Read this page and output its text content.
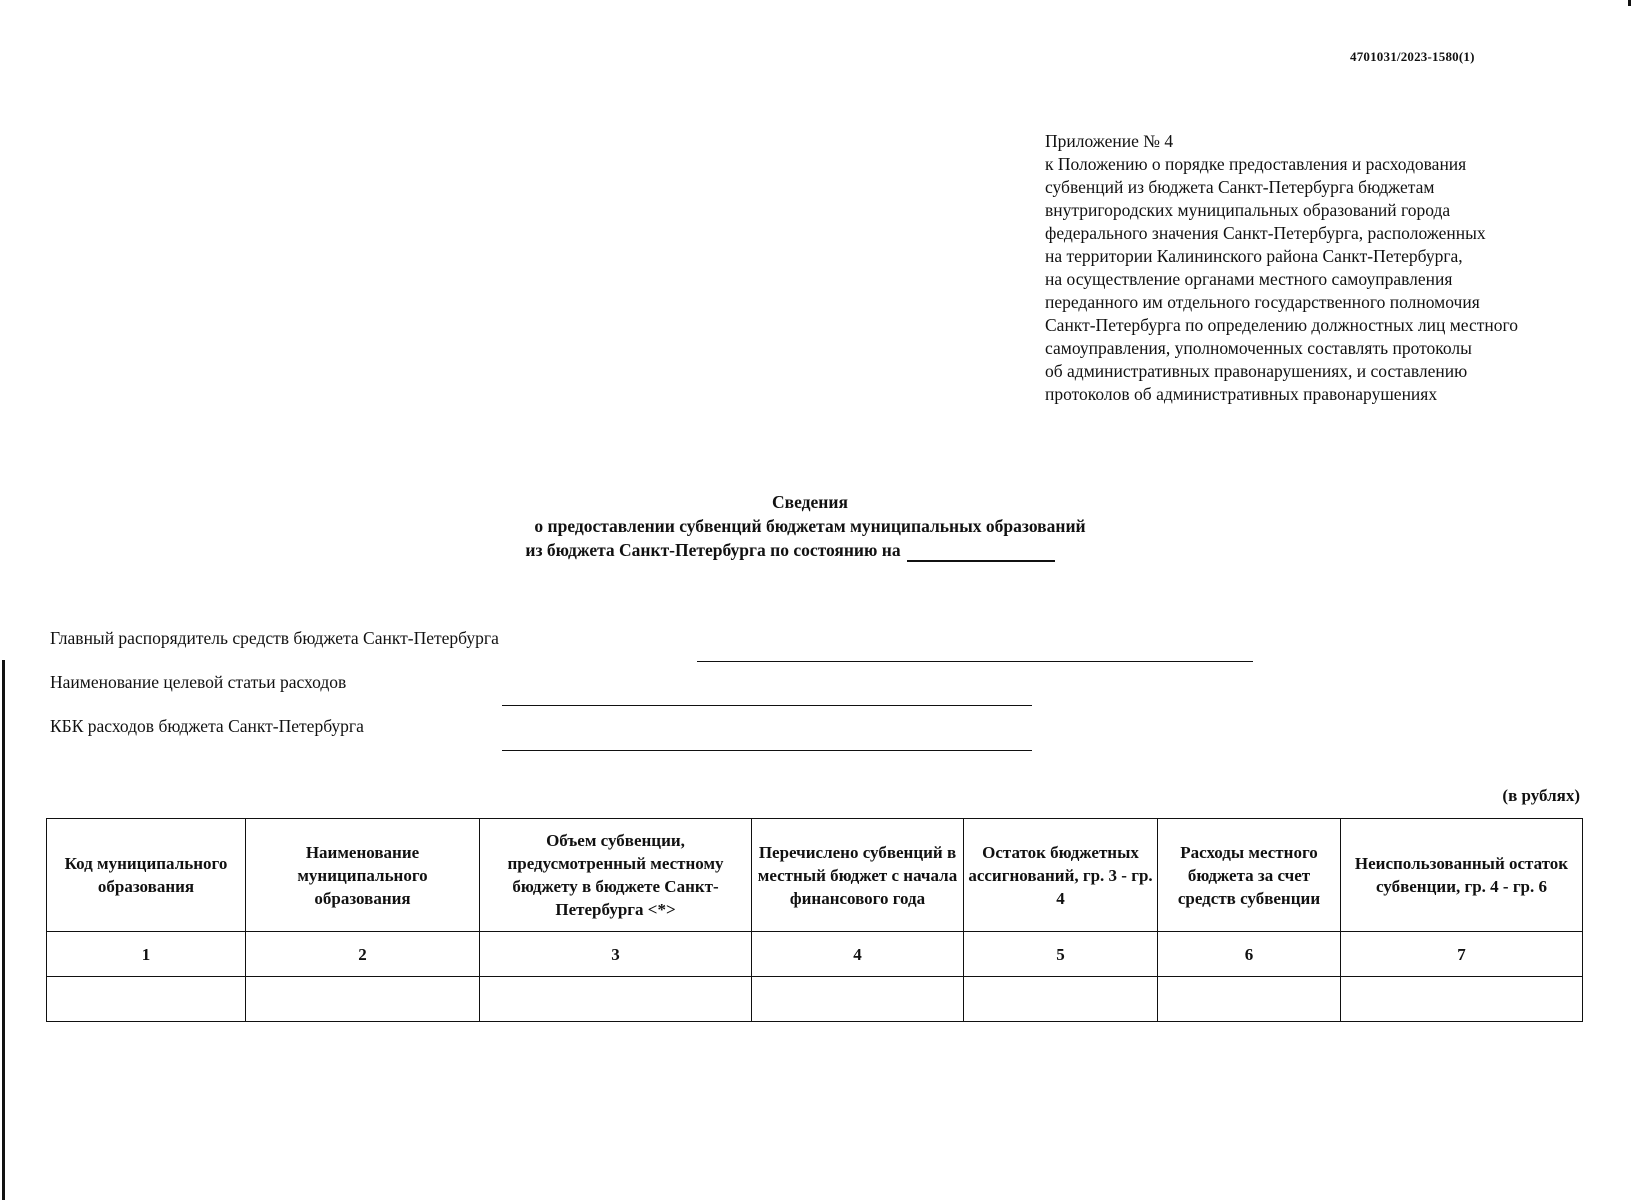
4701031/2023-1580(1)
Приложение № 4
к Положению о порядке предоставления и расходования
субвенций из бюджета Санкт-Петербурга бюджетам
внутригородских муниципальных образований города
федерального значения Санкт-Петербурга, расположенных
на территории Калининского района Санкт-Петербурга,
на осуществление органами местного самоуправления
переданного им отдельного государственного полномочия
Санкт-Петербурга по определению должностных лиц местного
самоуправления, уполномоченных составлять протоколы
об административных правонарушениях, и составлению
протоколов об административных правонарушениях
Сведения
о предоставлении субвенций бюджетам муниципальных образований
из бюджета Санкт-Петербурга по состоянию на
Главный распорядитель средств бюджета Санкт-Петербурга
Наименование целевой статьи расходов
КБК расходов бюджета Санкт-Петербурга
(в рублях)
Код муниципального образования	Наименование муниципального образования	Объем субвенции, предусмотренный местному бюджету в бюджете Санкт-Петербурга <*>	Перечислено субвенций в местный бюджет с начала финансового года	Остаток бюджетных ассигнований, гр. 3 - гр. 4	Расходы местного бюджета за счет средств субвенции	Неиспользованный остаток субвенции, гр. 4 - гр. 6
1	2	3	4	5	6	7
